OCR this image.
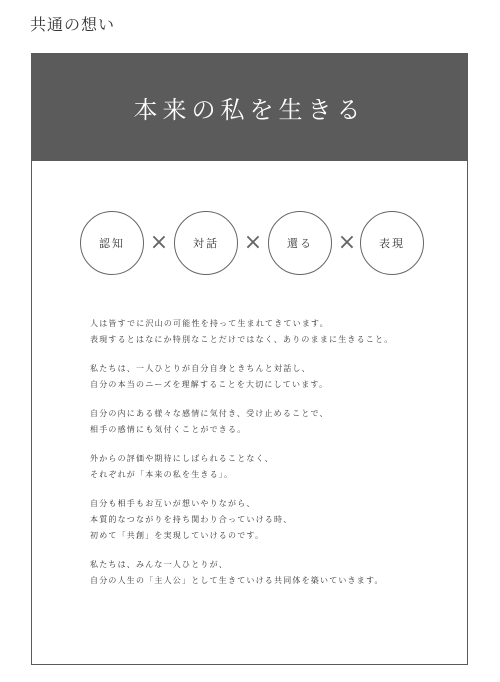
共通の想い
本来の私を生きる
認知	×	対話	×	還る	×	表現
人は皆すでに沢山の可能性を持って生まれてきています。
表現するとはなにか特別なことだけではなく、ありのままに生きること。
私たちは、一人ひとりが自分自身ときちんと対話し、
自分の本当のニーズを理解することを大切にしています。
自分の内にある様々な感情に気付き、受け止めることで、
相手の感情にも気付くことができる。
外からの評価や期待にしばられることなく、
それぞれが「本来の私を生きる」。
自分も相手もお互いが想いやりながら、
本質的なつながりを持ち関わり合っていける時、
初めて「共創」を実現していけるのです。
私たちは、みんな一人ひとりが、
自分の人生の「主人公」として生きていける共同体を築いていきます。
